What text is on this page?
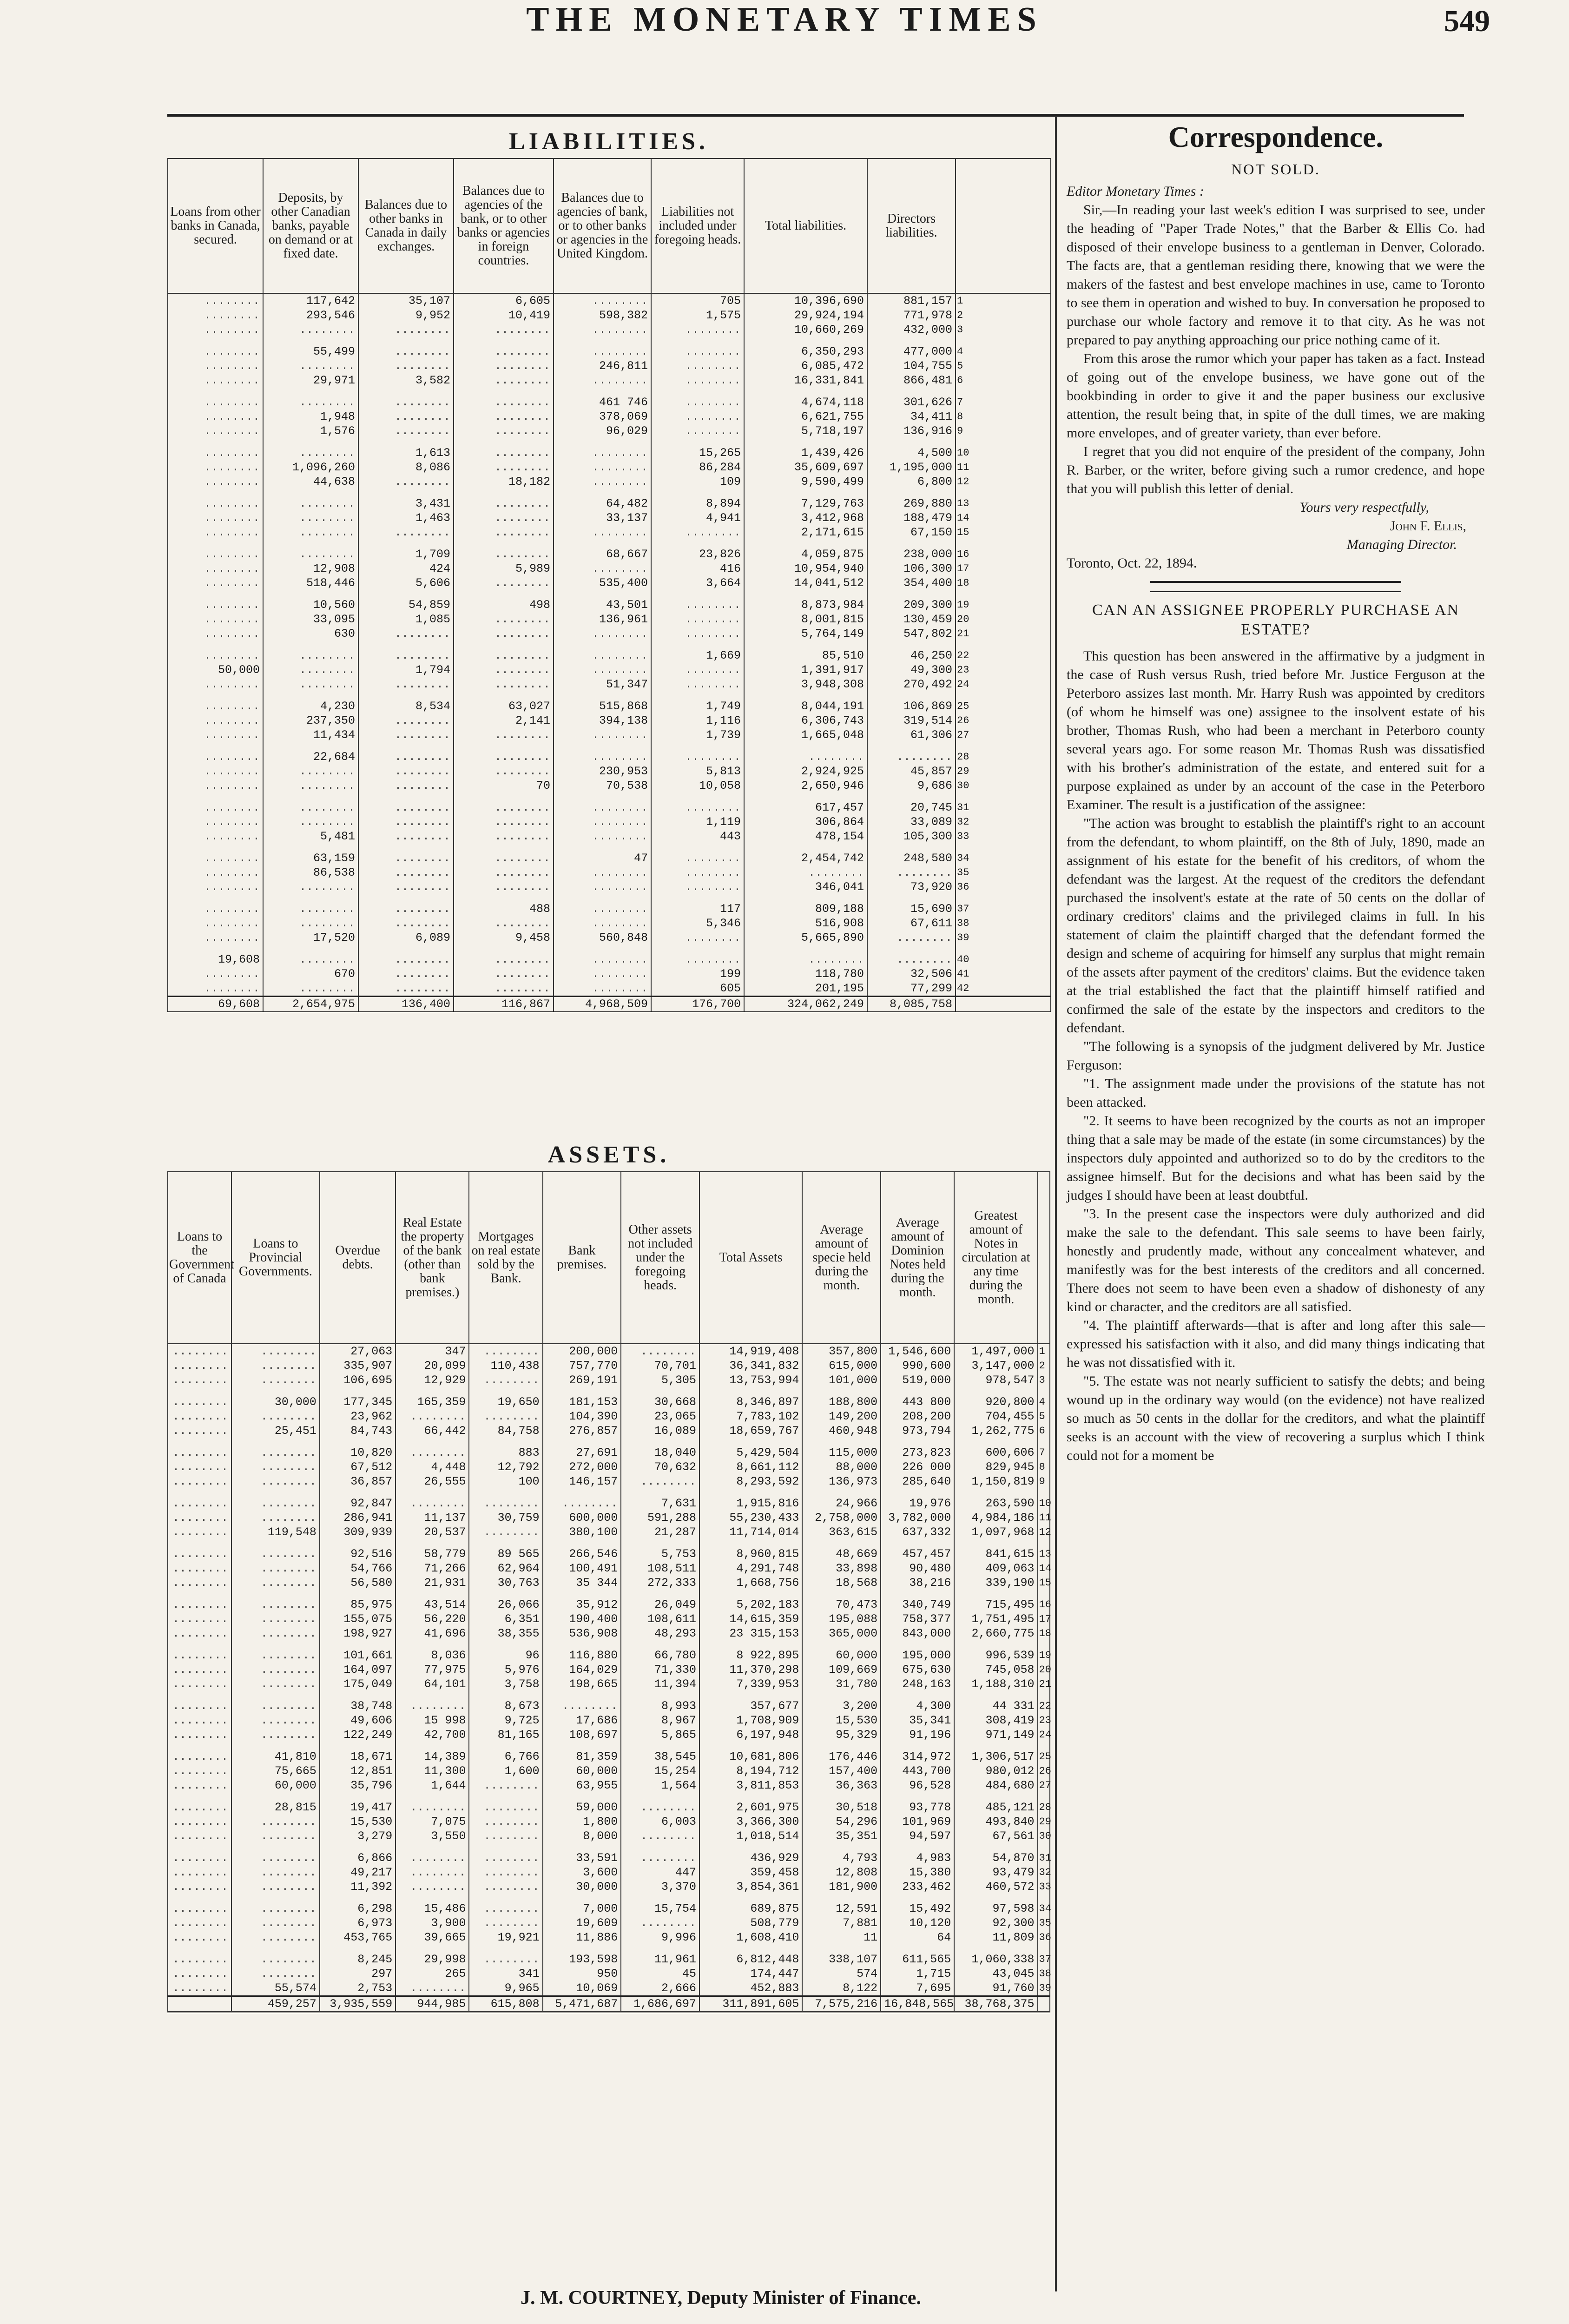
THE MONETARY TIMES	549
LIABILITIES.
Loans from other banks in Canada, secured.	Deposits, by other Canadian banks, payable on demand or at fixed date.	Balances due to other banks in Canada in daily exchanges.	Balances due to agencies of the bank, or to other banks or agencies in foreign countries.	Balances due to agencies of bank, or to other banks or agencies in the United Kingdom.	Liabilities not included under foregoing heads.	Total liabilities.	Directors liabilities.	
........	117,642	35,107	6,605	........	705	10,396,690	881,157	1
........	293,546	9,952	10,419	598,382	1,575	29,924,194	771,978	2
........	........	........	........	........	........	10,660,269	432,000	3

........	55,499	........	........	........	........	6,350,293	477,000	4
........	........	........	........	246,811	........	6,085,472	104,755	5
........	29,971	3,582	........	........	........	16,331,841	866,481	6

........	........	........	........	461 746	........	4,674,118	301,626	7
........	1,948	........	........	378,069	........	6,621,755	34,411	8
........	1,576	........	........	96,029	........	5,718,197	136,916	9

........	........	1,613	........	........	15,265	1,439,426	4,500	10
........	1,096,260	8,086	........	........	86,284	35,609,697	1,195,000	11
........	44,638	........	18,182	........	109	9,590,499	6,800	12

........	........	3,431	........	64,482	8,894	7,129,763	269,880	13
........	........	1,463	........	33,137	4,941	3,412,968	188,479	14
........	........	........	........	........	........	2,171,615	67,150	15

........	........	1,709	........	68,667	23,826	4,059,875	238,000	16
........	12,908	424	5,989	........	416	10,954,940	106,300	17
........	518,446	5,606	........	535,400	3,664	14,041,512	354,400	18

........	10,560	54,859	498	43,501	........	8,873,984	209,300	19
........	33,095	1,085	........	136,961	........	8,001,815	130,459	20
........	630	........	........	........	........	5,764,149	547,802	21

........	........	........	........	........	1,669	85,510	46,250	22
50,000	........	1,794	........	........	........	1,391,917	49,300	23
........	........	........	........	51,347	........	3,948,308	270,492	24

........	4,230	8,534	63,027	515,868	1,749	8,044,191	106,869	25
........	237,350	........	2,141	394,138	1,116	6,306,743	319,514	26
........	11,434	........	........	........	1,739	1,665,048	61,306	27

........	22,684	........	........	........	........	........	........	28
........	........	........	........	230,953	5,813	2,924,925	45,857	29
........	........	........	70	70,538	10,058	2,650,946	9,686	30

........	........	........	........	........	........	617,457	20,745	31
........	........	........	........	........	1,119	306,864	33,089	32
........	5,481	........	........	........	443	478,154	105,300	33

........	63,159	........	........	47	........	2,454,742	248,580	34
........	86,538	........	........	........	........	........	........	35
........	........	........	........	........	........	346,041	73,920	36

........	........	........	488	........	117	809,188	15,690	37
........	........	........	........	........	5,346	516,908	67,611	38
........	17,520	6,089	9,458	560,848	........	5,665,890	........	39

19,608	........	........	........	........	........	........	........	40
........	670	........	........	........	199	118,780	32,506	41
........	........	........	........	........	605	201,195	77,299	42
69,608	2,654,975	136,400	116,867	4,968,509	176,700	324,062,249	8,085,758	
ASSETS.
Loans to the Government of Canada	Loans to Provincial Governments.	Overdue debts.	Real Estate the property of the bank (other than bank premises.)	Mortgages on real estate sold by the Bank.	Bank premises.	Other assets not included under the foregoing heads.	Total Assets	Average amount of specie held during the month.	Average amount of Dominion Notes held during the month.	Greatest amount of Notes in circulation at any time during the month.	
........	........	27,063	347	........	200,000	........	14,919,408	357,800	1,546,600	1,497,000	1
........	........	335,907	20,099	110,438	757,770	70,701	36,341,832	615,000	990,600	3,147,000	2
........	........	106,695	12,929	........	269,191	5,305	13,753,994	101,000	519,000	978,547	3

........	30,000	177,345	165,359	19,650	181,153	30,668	8,346,897	188,800	443 800	920,800	4
........	........	23,962	........	........	104,390	23,065	7,783,102	149,200	208,200	704,455	5
........	25,451	84,743	66,442	84,758	276,857	16,089	18,659,767	460,948	973,794	1,262,775	6

........	........	10,820	........	883	27,691	18,040	5,429,504	115,000	273,823	600,606	7
........	........	67,512	4,448	12,792	272,000	70,632	8,661,112	88,000	226 000	829,945	8
........	........	36,857	26,555	100	146,157	........	8,293,592	136,973	285,640	1,150,819	9

........	........	92,847	........	........	........	7,631	1,915,816	24,966	19,976	263,590	10
........	........	286,941	11,137	30,759	600,000	591,288	55,230,433	2,758,000	3,782,000	4,984,186	11
........	119,548	309,939	20,537	........	380,100	21,287	11,714,014	363,615	637,332	1,097,968	12

........	........	92,516	58,779	89 565	266,546	5,753	8,960,815	48,669	457,457	841,615	13
........	........	54,766	71,266	62,964	100,491	108,511	4,291,748	33,898	90,480	409,063	14
........	........	56,580	21,931	30,763	35 344	272,333	1,668,756	18,568	38,216	339,190	15

........	........	85,975	43,514	26,066	35,912	26,049	5,202,183	70,473	340,749	715,495	16
........	........	155,075	56,220	6,351	190,400	108,611	14,615,359	195,088	758,377	1,751,495	17
........	........	198,927	41,696	38,355	536,908	48,293	23 315,153	365,000	843,000	2,660,775	18

........	........	101,661	8,036	96	116,880	66,780	8 922,895	60,000	195,000	996,539	19
........	........	164,097	77,975	5,976	164,029	71,330	11,370,298	109,669	675,630	745,058	20
........	........	175,049	64,101	3,758	198,665	11,394	7,339,953	31,780	248,163	1,188,310	21

........	........	38,748	........	8,673	........	8,993	357,677	3,200	4,300	44 331	22
........	........	49,606	15 998	9,725	17,686	8,967	1,708,909	15,530	35,341	308,419	23
........	........	122,249	42,700	81,165	108,697	5,865	6,197,948	95,329	91,196	971,149	24

........	41,810	18,671	14,389	6,766	81,359	38,545	10,681,806	176,446	314,972	1,306,517	25
........	75,665	12,851	11,300	1,600	60,000	15,254	8,194,712	157,400	443,700	980,012	26
........	60,000	35,796	1,644	........	63,955	1,564	3,811,853	36,363	96,528	484,680	27

........	28,815	19,417	........	........	59,000	........	2,601,975	30,518	93,778	485,121	28
........	........	15,530	7,075	........	1,800	6,003	3,366,300	54,296	101,969	493,840	29
........	........	3,279	3,550	........	8,000	........	1,018,514	35,351	94,597	67,561	30

........	........	6,866	........	........	33,591	........	436,929	4,793	4,983	54,870	31
........	........	49,217	........	........	3,600	447	359,458	12,808	15,380	93,479	32
........	........	11,392	........	........	30,000	3,370	3,854,361	181,900	233,462	460,572	33

........	........	6,298	15,486	........	7,000	15,754	689,875	12,591	15,492	97,598	34
........	........	6,973	3,900	........	19,609	........	508,779	7,881	10,120	92,300	35
........	........	453,765	39,665	19,921	11,886	9,996	1,608,410	11	64	11,809	36

........	........	8,245	29,998	........	193,598	11,961	6,812,448	338,107	611,565	1,060,338	37
........	........	297	265	341	950	45	174,447	574	1,715	43,045	38
........	55,574	2,753	........	9,965	10,069	2,666	452,883	8,122	7,695	91,760	39
	459,257	3,935,559	944,985	615,808	5,471,687	1,686,697	311,891,605	7,575,216	16,848,565	38,768,375	
Correspondence.
NOT SOLD.

Editor Monetary Times :

Sir,—In reading your last week's edition I was surprised to see, under the heading of "Paper Trade Notes," that the Barber & Ellis Co. had disposed of their envelope business to a gentleman in Denver, Colorado. The facts are, that a gentleman residing there, knowing that we were the makers of the fastest and best envelope machines in use, came to Toronto to see them in operation and wished to buy. In conversation he proposed to purchase our whole factory and remove it to that city. As he was not prepared to pay anything approaching our price nothing came of it.

From this arose the rumor which your paper has taken as a fact. Instead of going out of the envelope business, we have gone out of the bookbinding in order to give it and the paper business our exclusive attention, the result being that, in spite of the dull times, we are making more envelopes, and of greater variety, than ever before.

I regret that you did not enquire of the president of the company, John R. Barber, or the writer, before giving such a rumor credence, and hope that you will publish this letter of denial.

Yours very respectfully,

John F. Ellis,

Managing Director.

Toronto, Oct. 22, 1894.

CAN AN ASSIGNEE PROPERLY PURCHASE AN ESTATE?

This question has been answered in the affirmative by a judgment in the case of Rush versus Rush, tried before Mr. Justice Ferguson at the Peterboro assizes last month. Mr. Harry Rush was appointed by creditors (of whom he himself was one) assignee to the insolvent estate of his brother, Thomas Rush, who had been a merchant in Peterboro county several years ago. For some reason Mr. Thomas Rush was dissatisfied with his brother's administration of the estate, and entered suit for a purpose explained as under by an account of the case in the Peterboro Examiner. The result is a justification of the assignee:

"The action was brought to establish the plaintiff's right to an account from the defendant, to whom plaintiff, on the 8th of July, 1890, made an assignment of his estate for the benefit of his creditors, of whom the defendant was the largest. At the request of the creditors the defendant purchased the insolvent's estate at the rate of 50 cents on the dollar of ordinary creditors' claims and the privileged claims in full. In his statement of claim the plaintiff charged that the defendant formed the design and scheme of acquiring for himself any surplus that might remain of the assets after payment of the creditors' claims. But the evidence taken at the trial established the fact that the plaintiff himself ratified and confirmed the sale of the estate by the inspectors and creditors to the defendant.

"The following is a synopsis of the judgment delivered by Mr. Justice Ferguson:

"1. The assignment made under the provisions of the statute has not been attacked.

"2. It seems to have been recognized by the courts as not an improper thing that a sale may be made of the estate (in some circumstances) by the inspectors duly appointed and authorized so to do by the creditors to the assignee himself. But for the decisions and what has been said by the judges I should have been at least doubtful.

"3. In the present case the inspectors were duly authorized and did make the sale to the defendant. This sale seems to have been fairly, honestly and prudently made, without any concealment whatever, and manifestly was for the best interests of the creditors and all concerned. There does not seem to have been even a shadow of dishonesty of any kind or character, and the creditors are all satisfied.

"4. The plaintiff afterwards—that is after and long after this sale—expressed his satisfaction with it also, and did many things indicating that he was not dissatisfied with it.

"5. The estate was not nearly sufficient to satisfy the debts; and being wound up in the ordinary way would (on the evidence) not have realized so much as 50 cents in the dollar for the creditors, and what the plaintiff seeks is an account with the view of recovering a surplus which I think could not for a moment be

J. M. COURTNEY, Deputy Minister of Finance.
